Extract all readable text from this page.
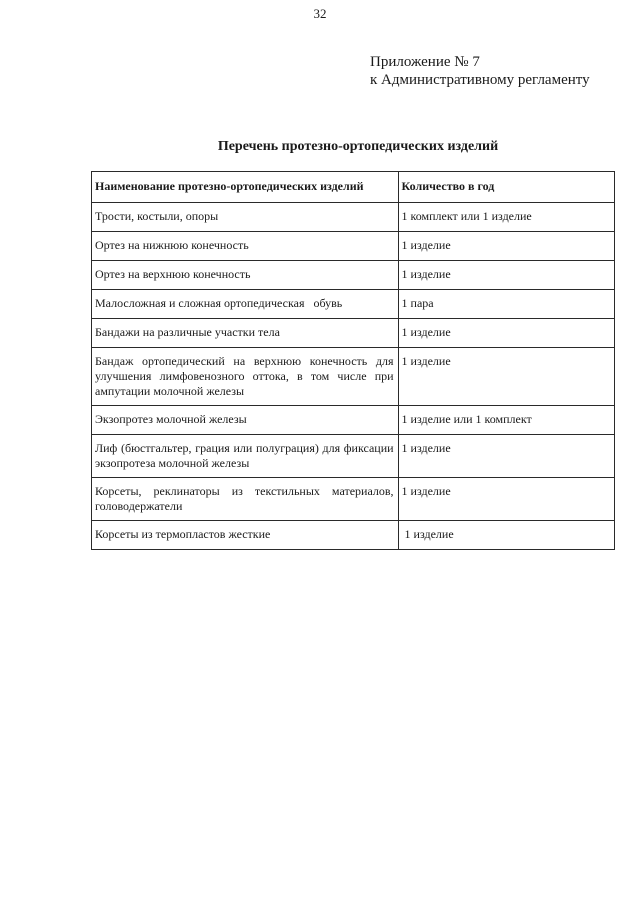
32
Приложение № 7
к Административному регламенту
Перечень протезно-ортопедических изделий
Наименование протезно-ортопедических изделий	Количество в год
Трости, костыли, опоры	1 комплект или 1 изделие
Ортез на нижнюю конечность	1 изделие
Ортез на верхнюю конечность	1 изделие
Малосложная и сложная ортопедическая   обувь	1 пара
Бандажи на различные участки тела	1 изделие
Бандаж ортопедический на верхнюю конечность для улучшения лимфовенозного оттока, в том числе при ампутации молочной железы	1 изделие
Экзопротез молочной железы	1 изделие или 1 комплект
Лиф (бюстгальтер, грация или полуграция) для фиксации экзопротеза молочной железы	1 изделие
Корсеты, реклинаторы из текстильных материалов, головодержатели	1 изделие
Корсеты из термопластов жесткие	1 изделие
